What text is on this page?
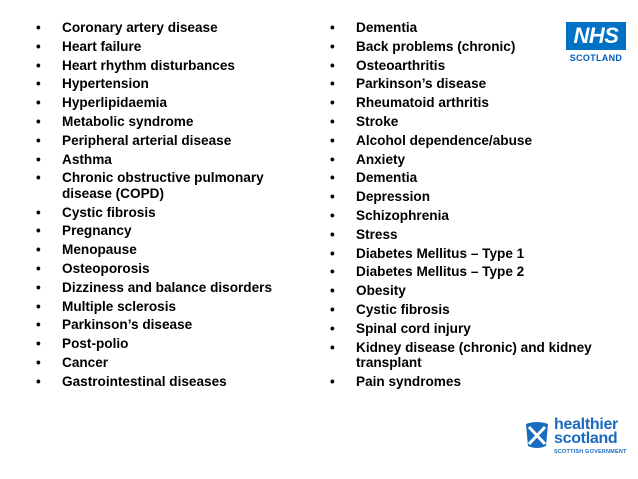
• Coronary artery disease
• Heart failure
• Heart rhythm disturbances
• Hypertension
• Hyperlipidaemia
• Metabolic syndrome
• Peripheral arterial disease
• Asthma
• Chronic obstructive pulmonary disease (COPD)
• Cystic fibrosis
• Pregnancy
• Menopause
• Osteoporosis
• Dizziness and balance disorders
• Multiple sclerosis
• Parkinson’s disease
• Post-polio
• Cancer
• Gastrointestinal diseases
• Dementia
• Back problems (chronic)
• Osteoarthritis
• Parkinson’s disease
• Rheumatoid arthritis
• Stroke
• Alcohol dependence/abuse
• Anxiety
• Dementia
• Depression
• Schizophrenia
• Stress
• Diabetes Mellitus – Type 1
• Diabetes Mellitus – Type 2
• Obesity
• Cystic fibrosis
• Spinal cord injury
• Kidney disease (chronic) and kidney transplant
• Pain syndromes
NHS
SCOTLAND
healthier
scotland
SCOTTISH GOVERNMENT
